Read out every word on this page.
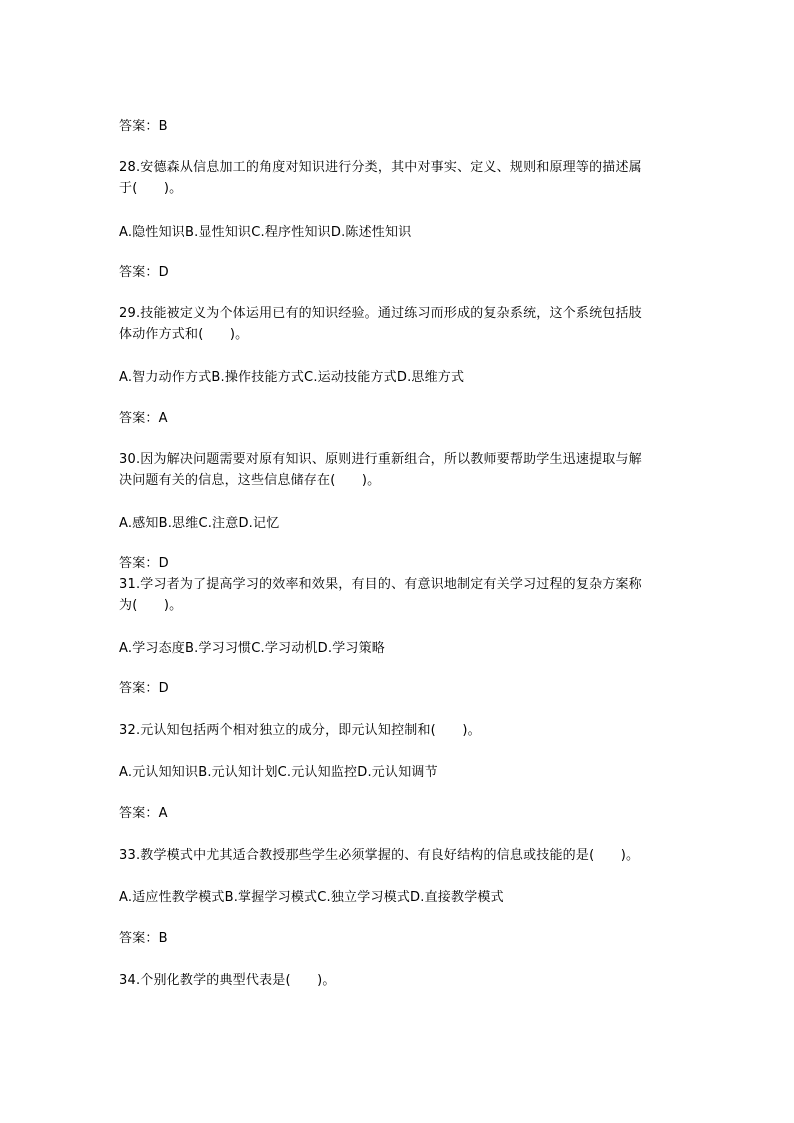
答案：B
28.安德森从信息加工的角度对知识进行分类，其中对事实、定义、规则和原理等的描述属
于(　　)。
A.隐性知识B.显性知识C.程序性知识D.陈述性知识
答案：D
29.技能被定义为个体运用已有的知识经验。通过练习而形成的复杂系统，这个系统包括肢
体动作方式和(　　)。
A.智力动作方式B.操作技能方式C.运动技能方式D.思维方式
答案：A
30.因为解决问题需要对原有知识、原则进行重新组合，所以教师要帮助学生迅速提取与解
决问题有关的信息，这些信息储存在(　　)。
A.感知B.思维C.注意D.记忆
答案：D
31.学习者为了提高学习的效率和效果，有目的、有意识地制定有关学习过程的复杂方案称
为(　　)。
A.学习态度B.学习习惯C.学习动机D.学习策略
答案：D
32.元认知包括两个相对独立的成分，即元认知控制和(　　)。
A.元认知知识B.元认知计划C.元认知监控D.元认知调节
答案：A
33.教学模式中尤其适合教授那些学生必须掌握的、有良好结构的信息或技能的是(　　)。
A.适应性教学模式B.掌握学习模式C.独立学习模式D.直接教学模式
答案：B
34.个别化教学的典型代表是(　　)。
